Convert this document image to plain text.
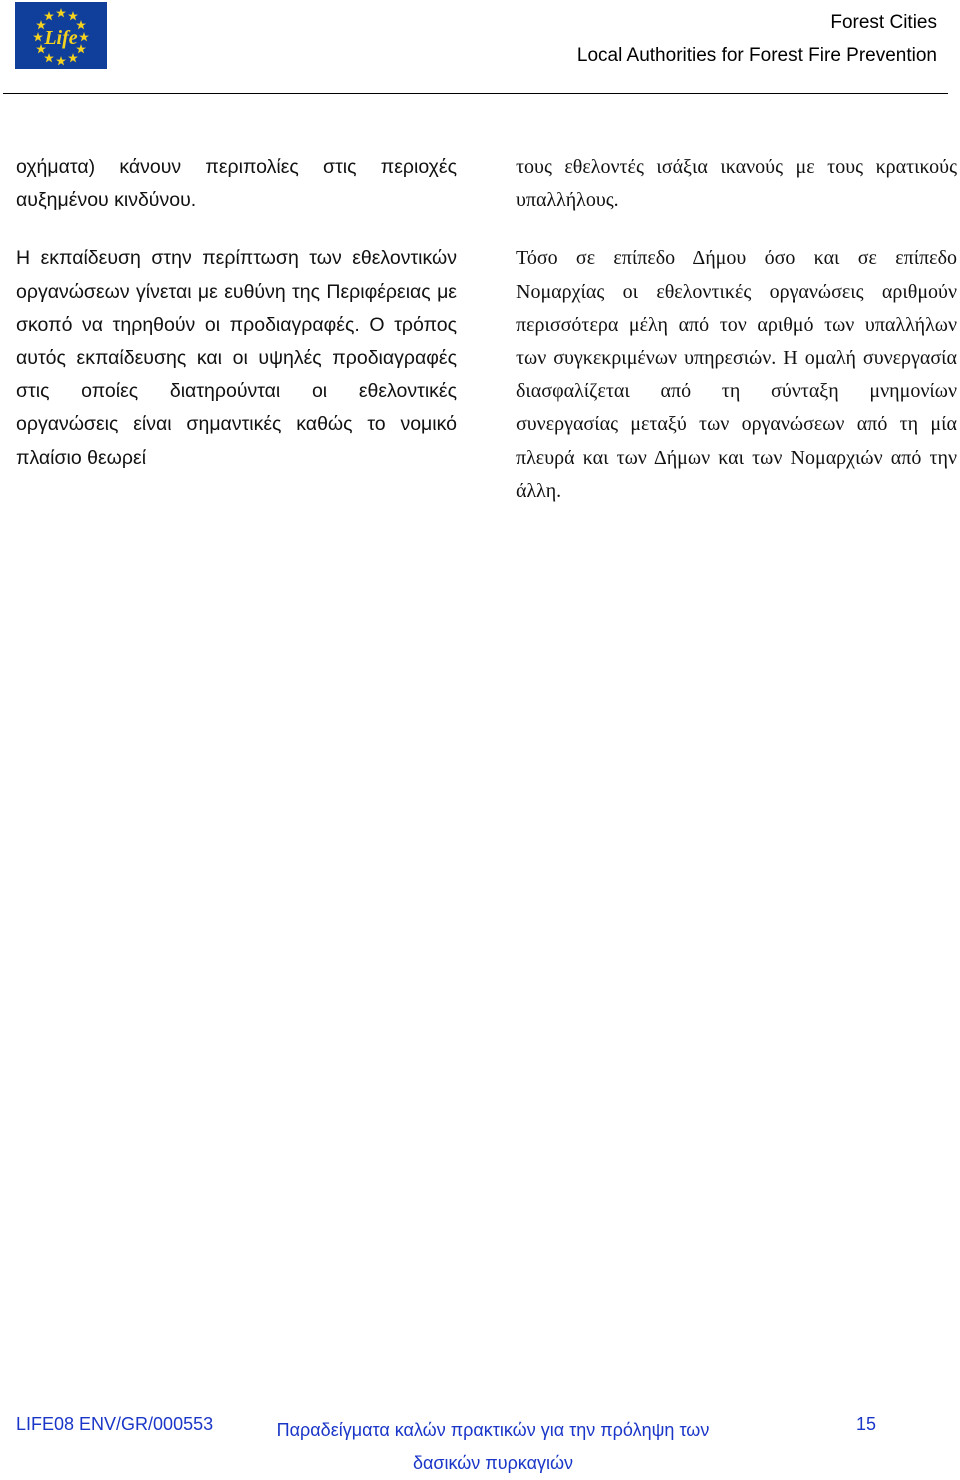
Life
Forest Cities
Local Authorities for Forest Fire Prevention

οχήματα) κάνουν περιπολίες στις περιοχές αυξημένου κινδύνου.

Η εκπαίδευση στην περίπτωση των εθελοντικών οργανώσεων γίνεται με ευθύνη της Περιφέρειας με σκοπό να τηρηθούν οι προδιαγραφές. Ο τρόπος αυτός εκπαίδευσης και οι υψηλές προδιαγραφές στις οποίες διατηρούνται οι εθελοντικές οργανώσεις είναι σημαντικές καθώς το νομικό πλαίσιο θεωρεί

τους εθελοντές ισάξια ικανούς με τους κρατικούς υπαλλήλους.

Τόσο σε επίπεδο Δήμου όσο και σε επίπεδο Νομαρχίας οι εθελοντικές οργανώσεις αριθμούν περισσότερα μέλη από τον αριθμό των υπαλλήλων των συγκεκριμένων υπηρεσιών. Η ομαλή συνεργασία διασφαλίζεται από τη σύνταξη μνημονίων συνεργασίας μεταξύ των οργανώσεων από τη μία πλευρά και των Δήμων και των Νομαρχιών από την άλλη.

LIFE08 ENV/GR/000553	Παραδείγματα καλών πρακτικών για την πρόληψη των δασικών πυρκαγιών
15
